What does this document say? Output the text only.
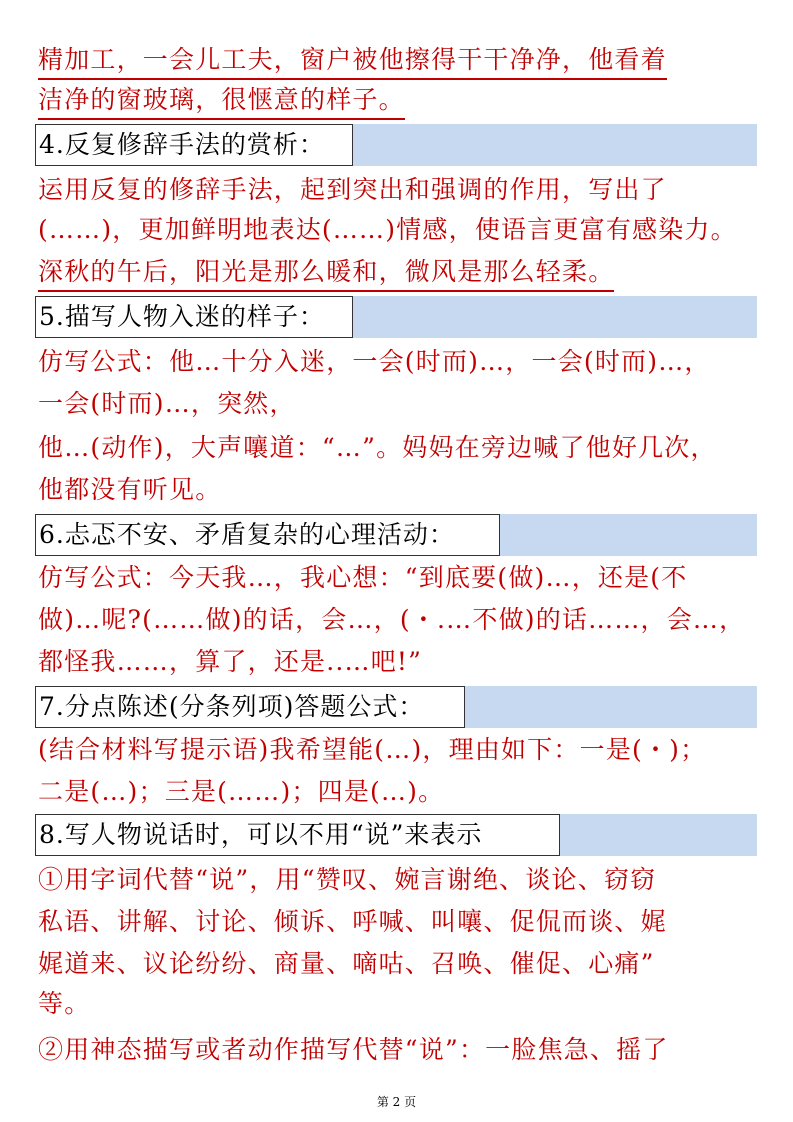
精加工，一会儿工夫，窗户被他擦得干干净净，他看着
洁净的窗玻璃，很惬意的样子。
4.反复修辞手法的赏析：
运用反复的修辞手法，起到突出和强调的作用，写出了
(……)，更加鲜明地表达(……)情感，使语言更富有感染力。
深秋的午后，阳光是那么暖和，微风是那么轻柔。
5.描写人物入迷的样子：
仿写公式：他…十分入迷，一会(时而)…，一会(时而)…，
一会(时而)…，突然，
他…(动作)，大声嚷道：“…”。妈妈在旁边喊了他好几次，
他都没有听见。
6.忐忑不安、矛盾复杂的心理活动：
仿写公式：今天我…，我心想：“到底要(做)…，还是(不
做)…呢?(……做)的话，会…，(・.…不做)的话……，会…，
都怪我……，算了，还是..…吧!”
7.分点陈述(分条列项)答题公式：
(结合材料写提示语)我希望能(…)，理由如下：一是(・)；
二是(…)；三是(……)；四是(…)。
8.写人物说话时，可以不用“说”来表示
①用字词代替“说”，用“赞叹、婉言谢绝、谈论、窃窃
私语、讲解、讨论、倾诉、呼喊、叫嚷、促侃而谈、娓
娓道来、议论纷纷、商量、嘀咕、召唤、催促、心痛”
等。
②用神态描写或者动作描写代替“说”：一脸焦急、摇了
第 2 页
